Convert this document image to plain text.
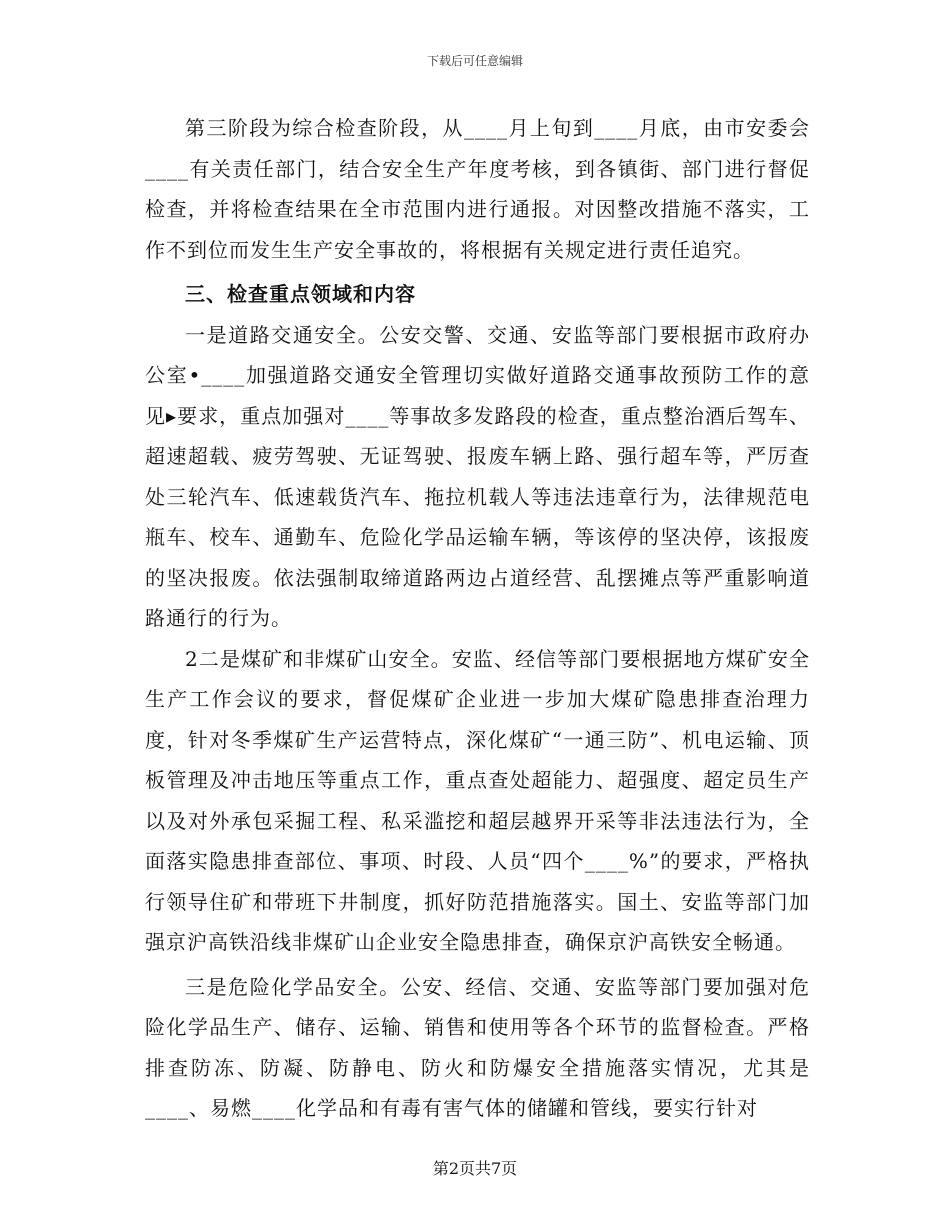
下载后可任意编辑

第三阶段为综合检查阶段，从____月上旬到____月底，由市安委会____有关责任部门，结合安全生产年度考核，到各镇街、部门进行督促检查，并将检查结果在全市范围内进行通报。对因整改措施不落实，工作不到位而发生生产安全事故的，将根据有关规定进行责任追究。

三、检查重点领域和内容

一是道路交通安全。公安交警、交通、安监等部门要根据市政府办公室•____加强道路交通安全管理切实做好道路交通事故预防工作的意见▸要求，重点加强对____等事故多发路段的检查，重点整治酒后驾车、超速超载、疲劳驾驶、无证驾驶、报废车辆上路、强行超车等，严厉查处三轮汽车、低速载货汽车、拖拉机载人等违法违章行为，法律规范电瓶车、校车、通勤车、危险化学品运输车辆，等该停的坚决停，该报废的坚决报废。依法强制取缔道路两边占道经营、乱摆摊点等严重影响道路通行的行为。

2二是煤矿和非煤矿山安全。安监、经信等部门要根据地方煤矿安全生产工作会议的要求，督促煤矿企业进一步加大煤矿隐患排查治理力度，针对冬季煤矿生产运营特点，深化煤矿“一通三防”、机电运输、顶板管理及冲击地压等重点工作，重点查处超能力、超强度、超定员生产以及对外承包采掘工程、私采滥挖和超层越界开采等非法违法行为，全面落实隐患排查部位、事项、时段、人员“四个____%”的要求，严格执行领导住矿和带班下井制度，抓好防范措施落实。国土、安监等部门加强京沪高铁沿线非煤矿山企业安全隐患排查，确保京沪高铁安全畅通。

三是危险化学品安全。公安、经信、交通、安监等部门要加强对危险化学品生产、储存、运输、销售和使用等各个环节的监督检查。严格排查防冻、防凝、防静电、防火和防爆安全措施落实情况，尤其是____、易燃____化学品和有毒有害气体的储罐和管线，要实行针对

第2页共7页
